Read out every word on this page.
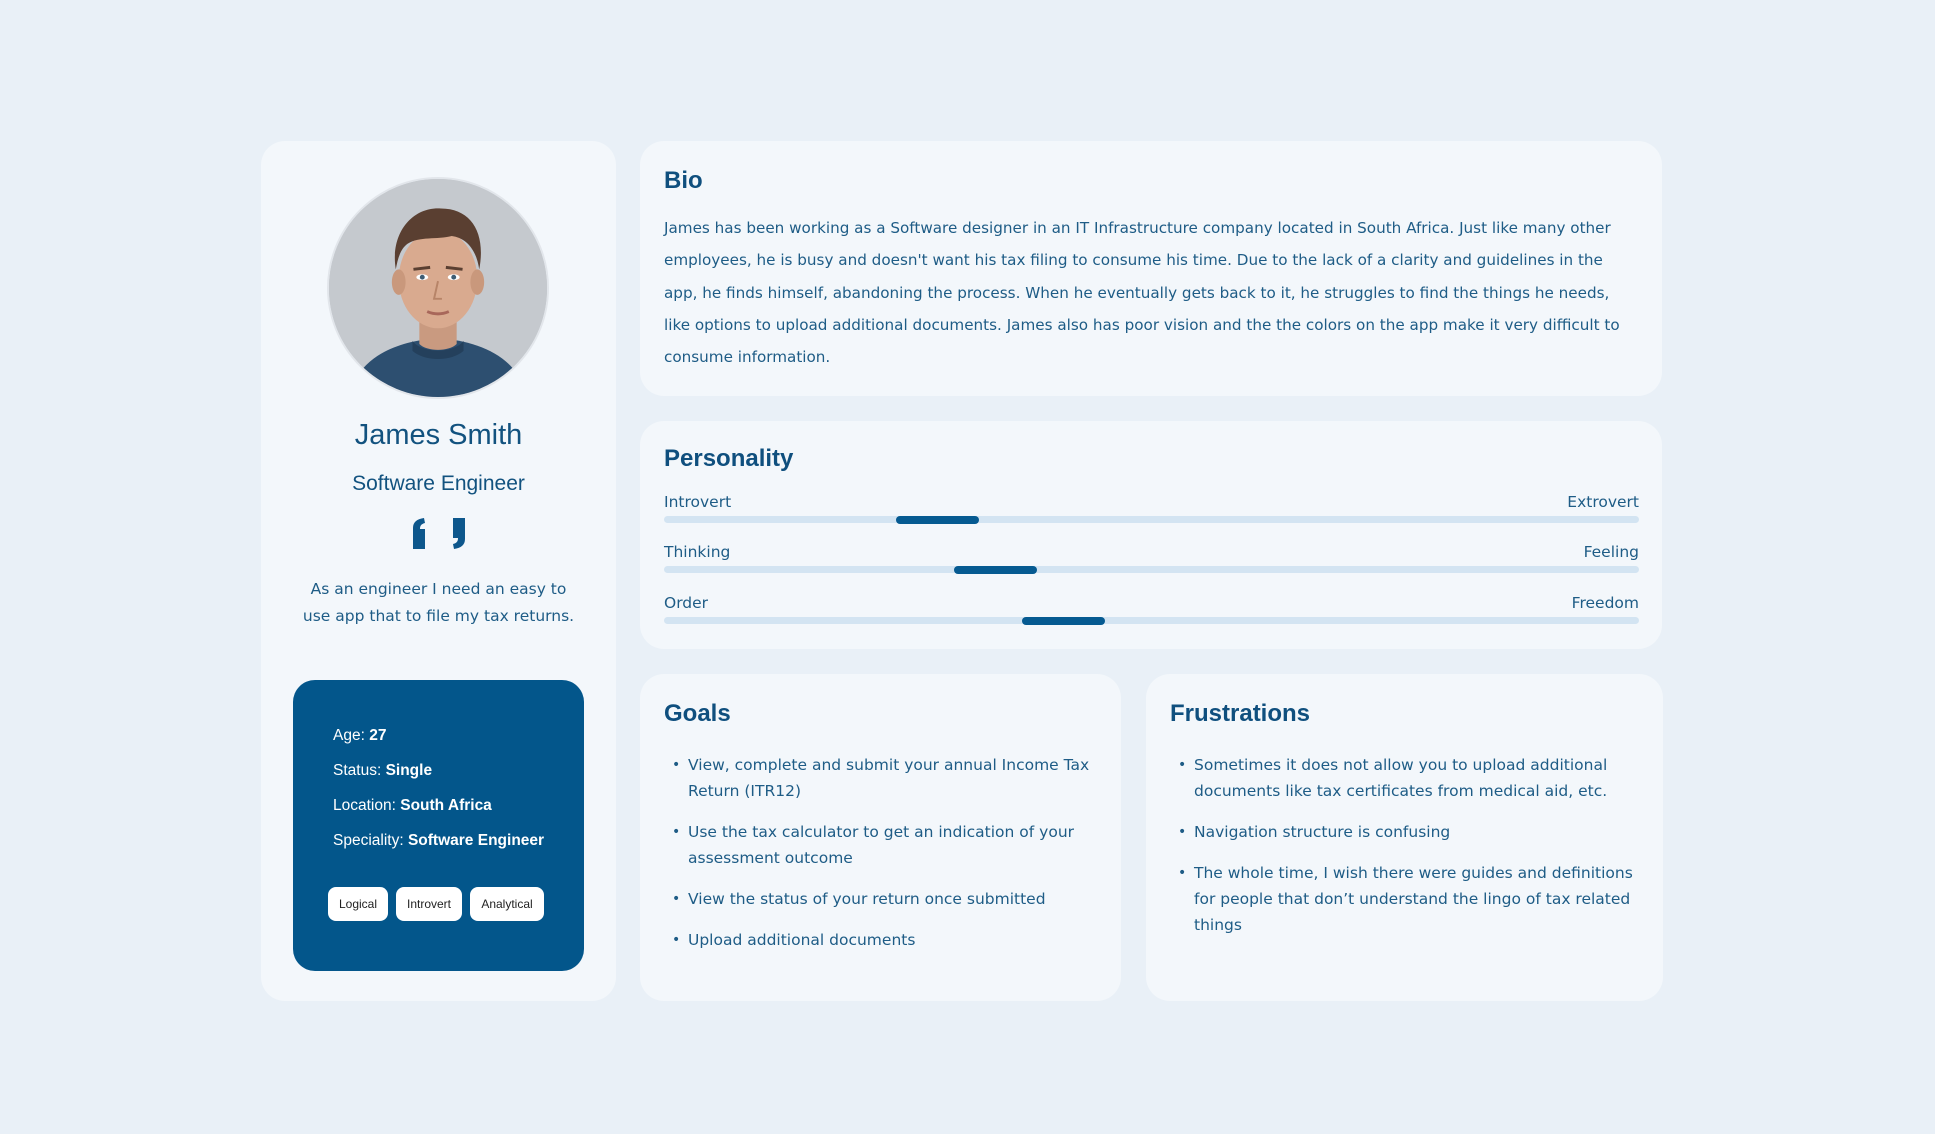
James Smith
Software Engineer
As an engineer I need an easy to use app that to file my tax returns.
Age: 27
Status: Single
Location: South Africa
Speciality: Software Engineer
Logical	Introvert	Analytical
Bio
James has been working as a Software designer in an IT Infrastructure company located in South Africa. Just like many other employees, he is busy and doesn't want his tax filing to consume his time. Due to the lack of a clarity and guidelines in the app, he finds himself, abandoning the process. When he eventually gets back to it, he struggles to find the things he needs, like options to upload additional documents. James also has poor vision and the the colors on the app make it very difficult to consume information.
Personality
Introvert	Extrovert
Thinking	Feeling
Order	Freedom
Goals
• View, complete and submit your annual Income Tax Return (ITR12)
• Use the tax calculator to get an indication of your assessment outcome
• View the status of your return once submitted
• Upload additional documents
Frustrations
• Sometimes it does not allow you to upload additional documents like tax certificates from medical aid, etc.
• Navigation structure is confusing
• The whole time, I wish there were guides and definitions for people that don’t understand the lingo of tax related things
